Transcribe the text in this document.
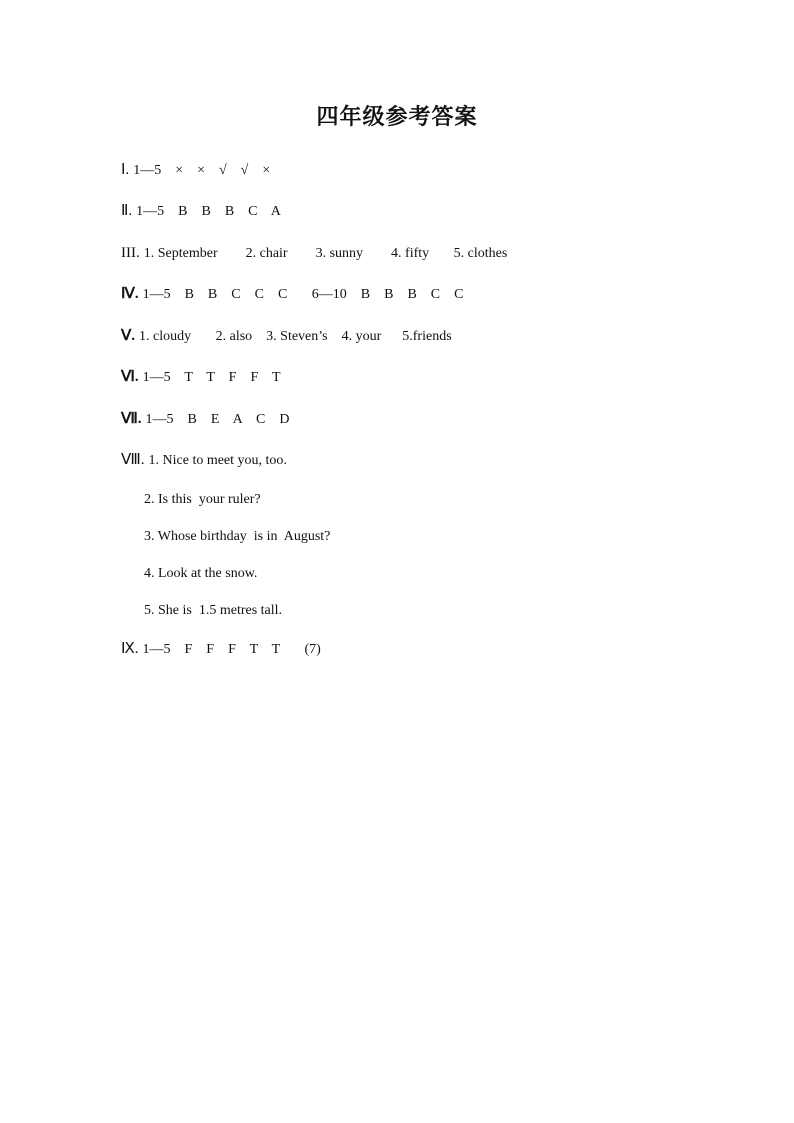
四年级参考答案
Ⅰ. 1—5    ×    ×    √    √    ×
Ⅱ. 1—5    B    B    B    C    A
III. 1. September        2. chair        3. sunny        4. fifty       5. clothes
Ⅳ. 1—5    B    B    C    C    C       6—10    B    B    B    C    C
Ⅴ. 1. cloudy       2. also    3. Steven’s    4. your      5.friends
Ⅵ. 1—5    T    T    F    F    T
Ⅶ. 1—5    B    E    A    C    D
Ⅷ. 1. Nice to meet you, too.
2. Is this  your ruler?
3. Whose birthday  is in  August?
4. Look at the snow.
5. She is  1.5 metres tall.
Ⅸ. 1—5    F    F    F    T    T       (7)
